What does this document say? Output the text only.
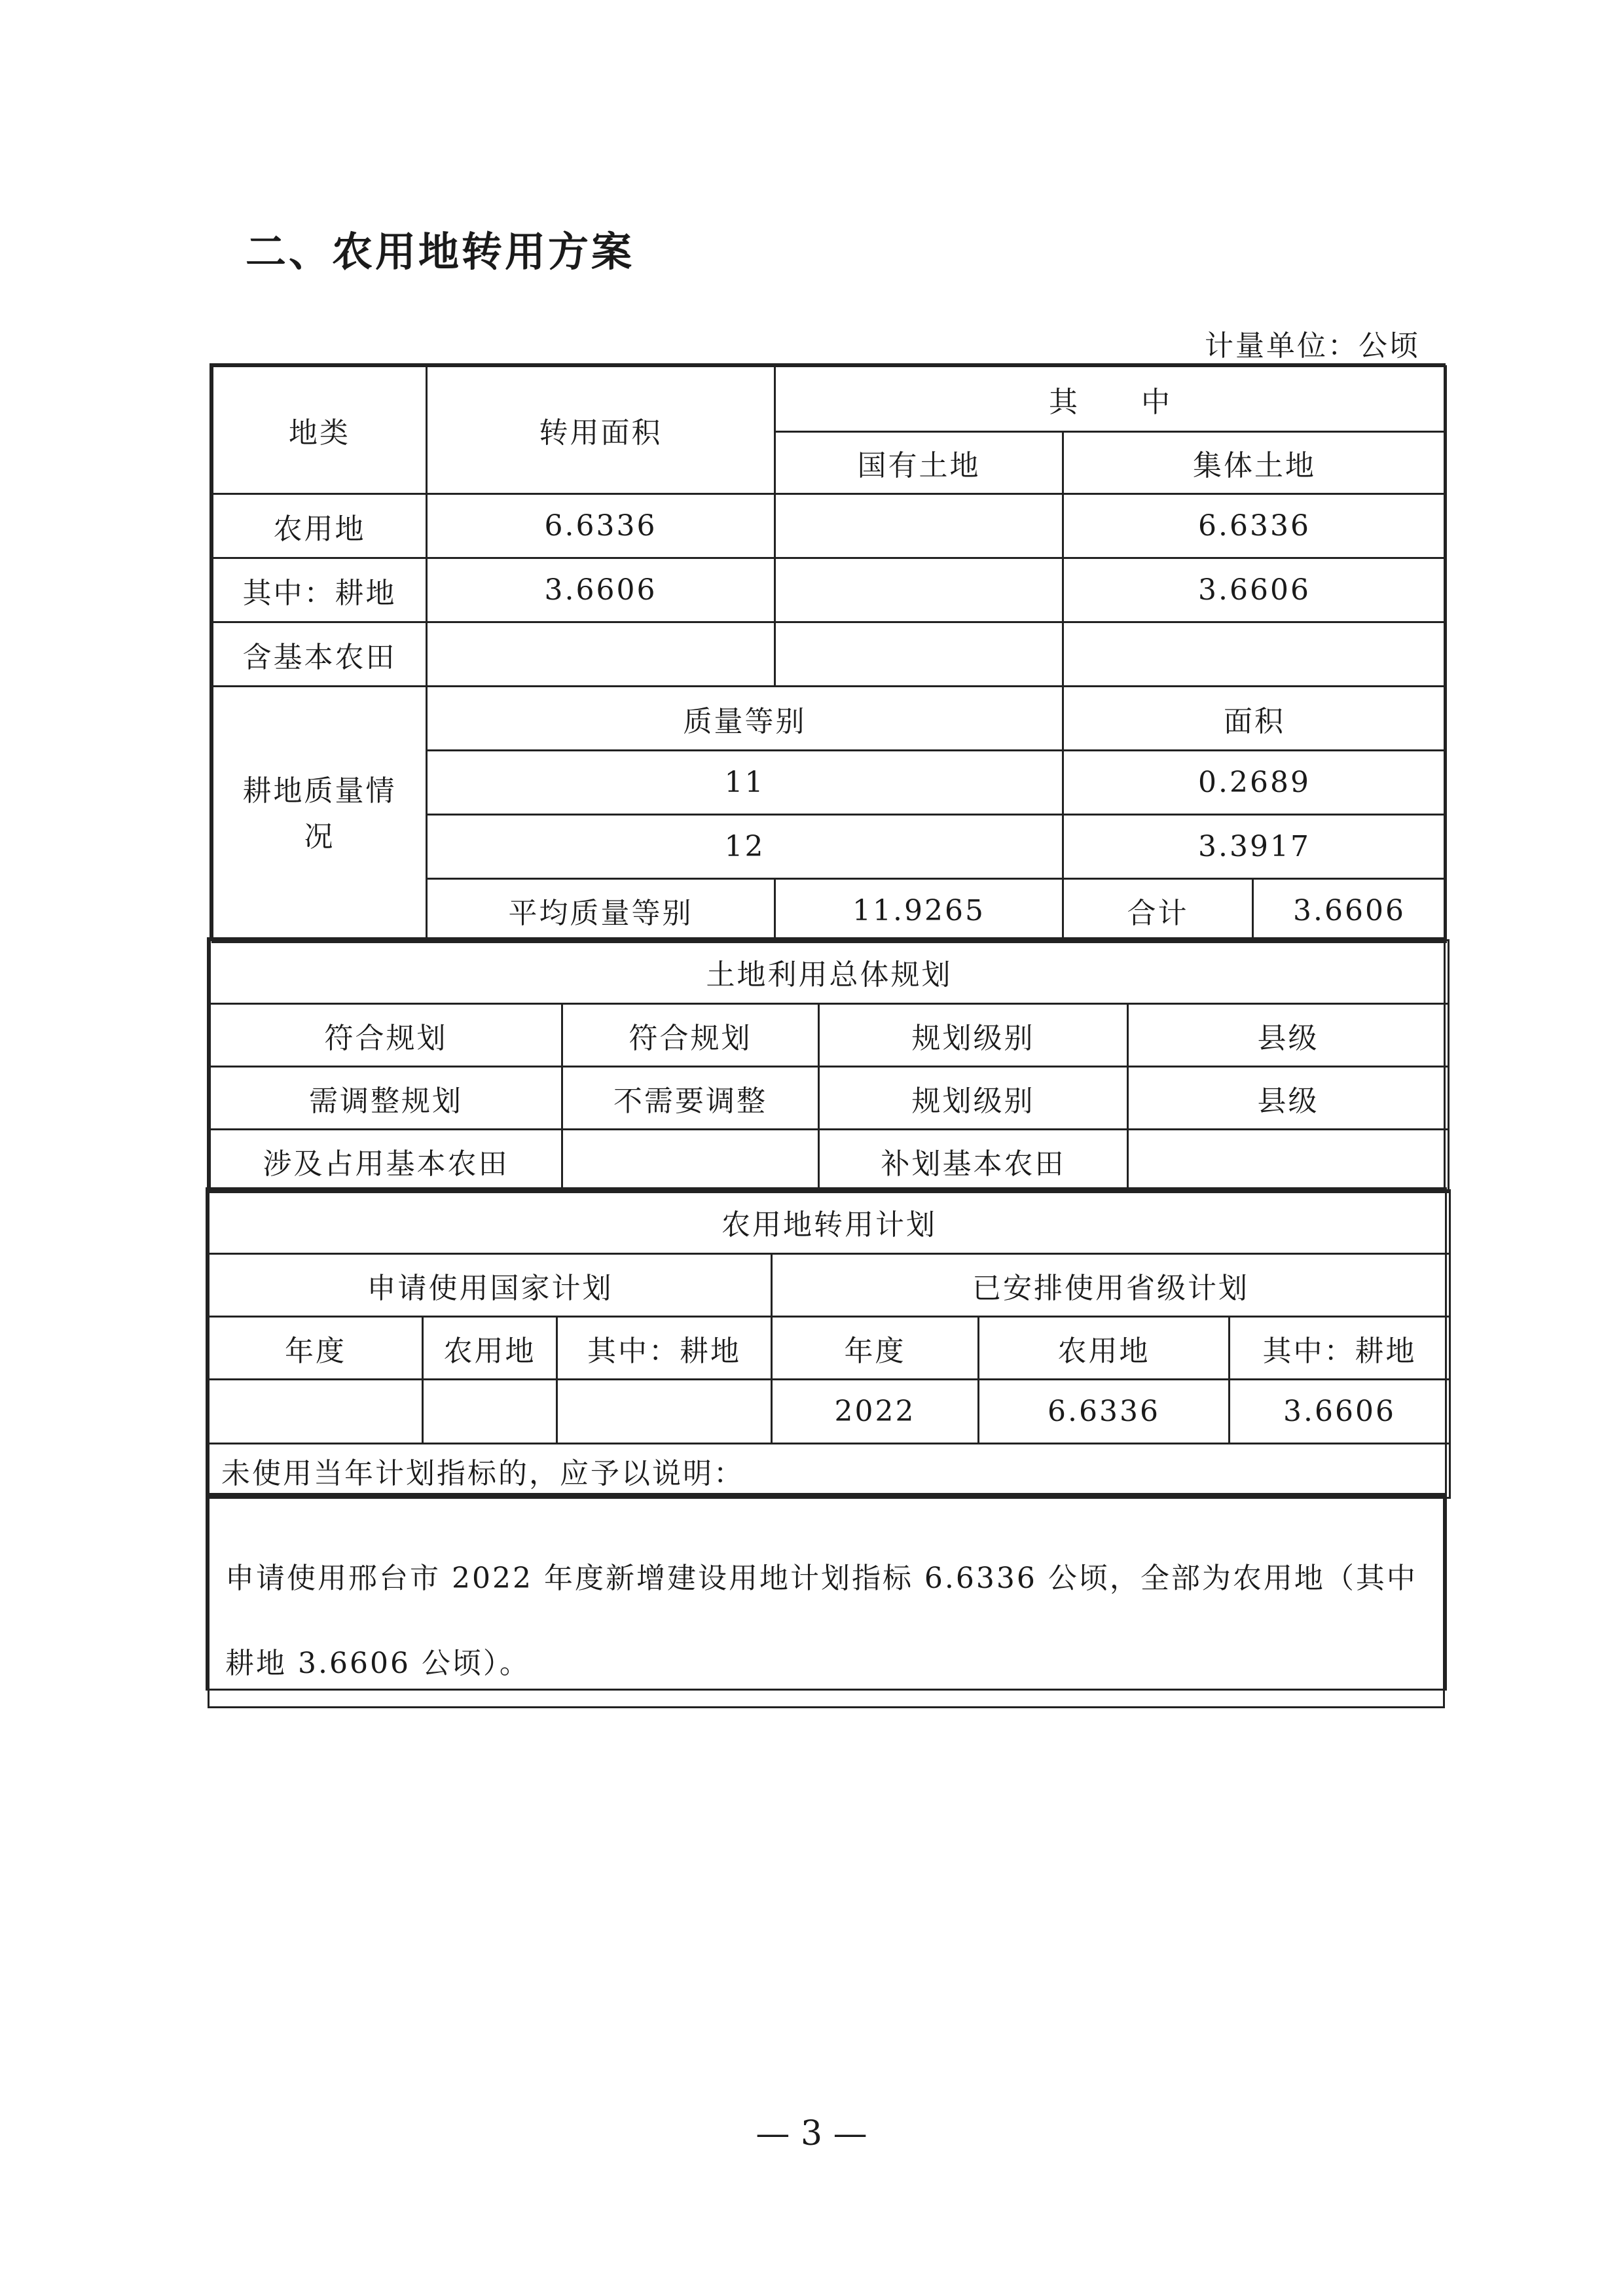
二、农用地转用方案
计量单位：公顷
地类	转用面积	其　　中		
		国有土地	集体土地	
农用地	6.6336		6.6336	
其中：耕地	3.6606		3.6606	
含基本农田				
耕地质量情况	质量等别		面积	
	11		0.2689	
	12		3.3917	
	平均质量等别	11.9265	合计	3.6606
土地利用总体规划			
符合规划	符合规划	规划级别	县级
需调整规划	不需要调整	规划级别	县级
涉及占用基本农田		补划基本农田	
农用地转用计划					
申请使用国家计划			已安排使用省级计划		
年度	农用地	其中：耕地	年度	农用地	其中：耕地
			2022	6.6336	3.6606
未使用当年计划指标的，应予以说明：					
申请使用邢台市 2022 年度新增建设用地计划指标 6.6336 公顷，全部为农用地（其中耕地 3.6606 公顷）。
— 3 —
